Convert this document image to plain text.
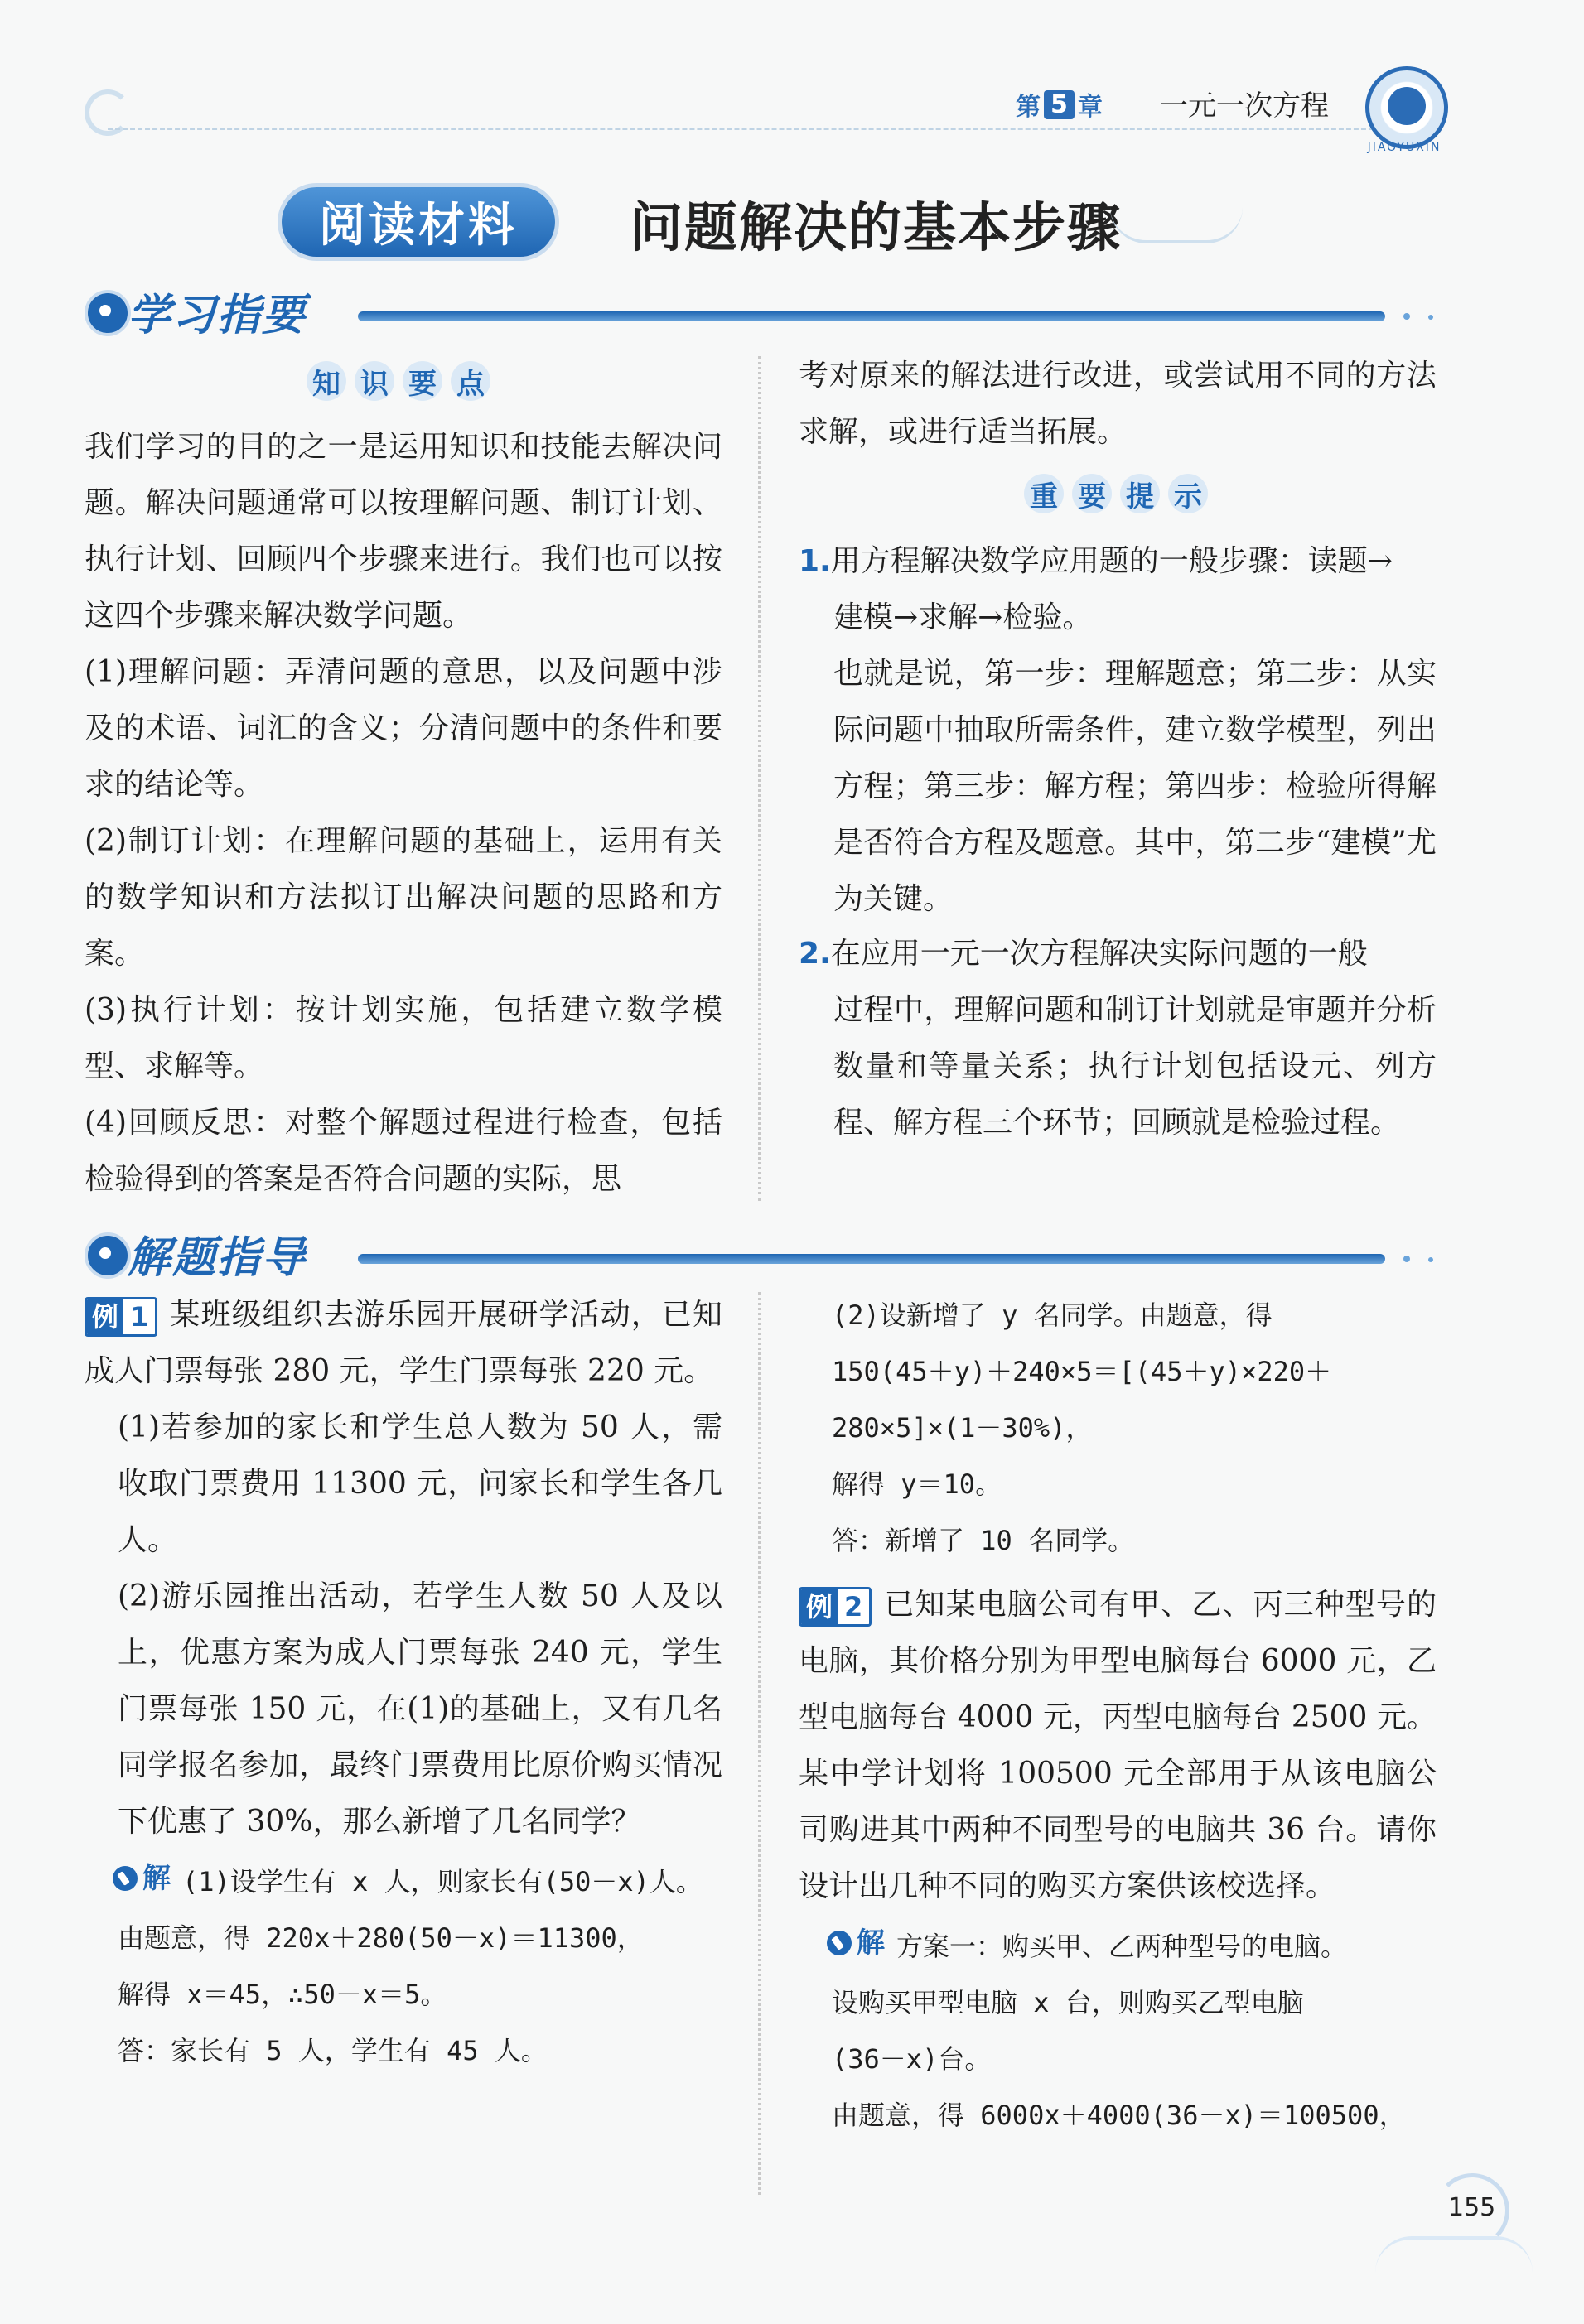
第 5 章 一元一次方程
JIAOYUXIN
阅读材料	问题解决的基本步骤
学习指要
知 识 要 点
我们学习的目的之一是运用知识和技能去解决问题。解决问题通常可以按理解问题、制订计划、执行计划、回顾四个步骤来进行。我们也可以按这四个步骤来解决数学问题。
(1)理解问题：弄清问题的意思，以及问题中涉及的术语、词汇的含义；分清问题中的条件和要求的结论等。
(2)制订计划：在理解问题的基础上，运用有关的数学知识和方法拟订出解决问题的思路和方案。
(3)执行计划：按计划实施，包括建立数学模型、求解等。
(4)回顾反思：对整个解题过程进行检查，包括检验得到的答案是否符合问题的实际，思
考对原来的解法进行改进，或尝试用不同的方法求解，或进行适当拓展。
重 要 提 示
1.用方程解决数学应用题的一般步骤：读题→
建模→求解→检验。
也就是说，第一步：理解题意；第二步：从实际问题中抽取所需条件，建立数学模型，列出方程；第三步：解方程；第四步：检验所得解是否符合方程及题意。其中，第二步“建模”尤为关键。
2.在应用一元一次方程解决实际问题的一般
过程中，理解问题和制订计划就是审题并分析数量和等量关系；执行计划包括设元、列方程、解方程三个环节；回顾就是检验过程。
解题指导
例 1 某班级组织去游乐园开展研学活动，已知成人门票每张 280 元，学生门票每张 220 元。
(1)若参加的家长和学生总人数为 50 人，需收取门票费用 11300 元，问家长和学生各几人。
(2)游乐园推出活动，若学生人数 50 人及以上，优惠方案为成人门票每张 240 元，学生门票每张 150 元，在(1)的基础上，又有几名同学报名参加，最终门票费用比原价购买情况下优惠了 30%，那么新增了几名同学？
解 (1)设学生有 x 人，则家长有(50－x)人。
由题意，得 220x＋280(50－x)＝11300，
解得 x＝45，∴50－x＝5。
答：家长有 5 人，学生有 45 人。
(2)设新增了 y 名同学。由题意，得
150(45＋y)＋240×5＝[(45＋y)×220＋
280×5]×(1－30%)，
解得 y＝10。
答：新增了 10 名同学。
例 2 已知某电脑公司有甲、乙、丙三种型号的电脑，其价格分别为甲型电脑每台 6000 元，乙型电脑每台 4000 元，丙型电脑每台 2500 元。某中学计划将 100500 元全部用于从该电脑公司购进其中两种不同型号的电脑共 36 台。请你设计出几种不同的购买方案供该校选择。
解 方案一：购买甲、乙两种型号的电脑。
设购买甲型电脑 x 台，则购买乙型电脑
(36－x)台。
由题意，得 6000x＋4000(36－x)＝100500，
155
